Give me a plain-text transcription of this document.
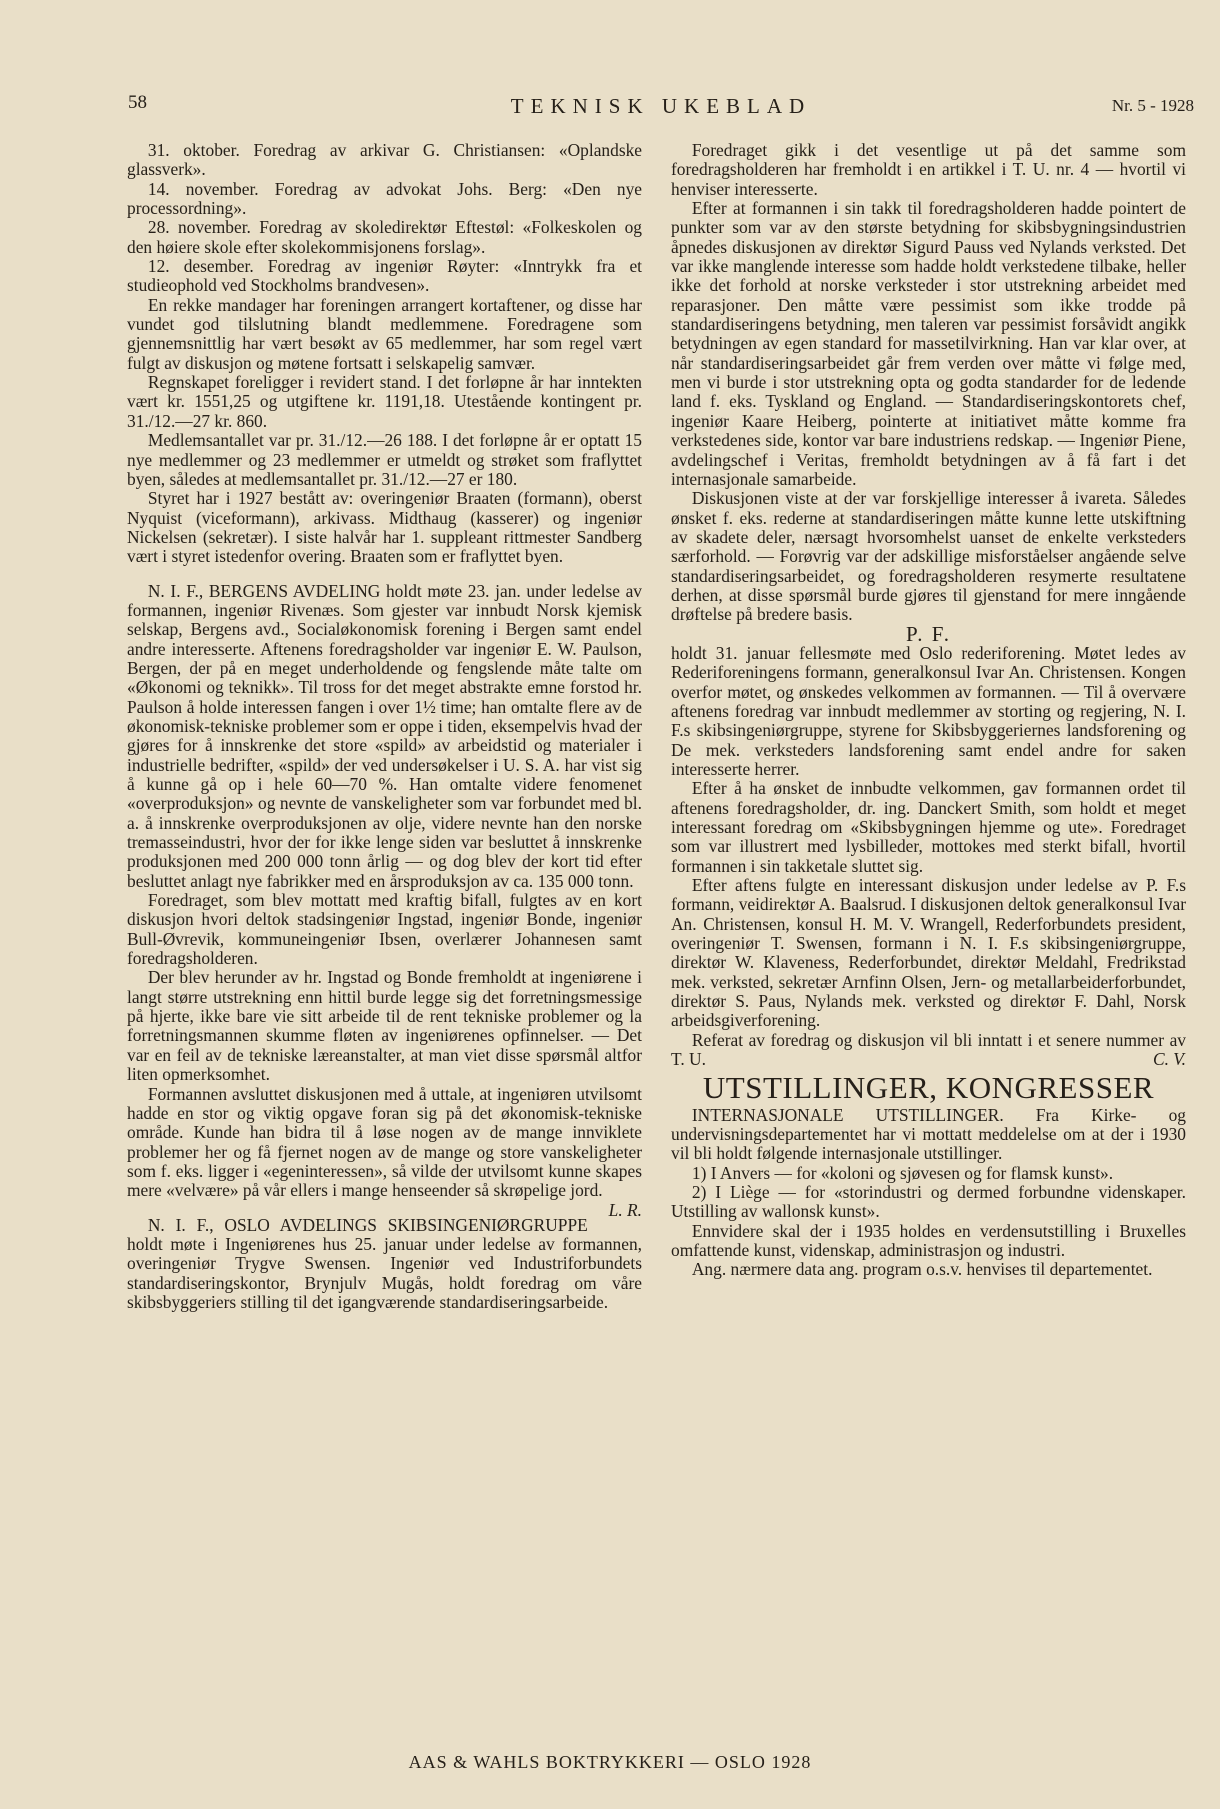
58	TEKNISK UKEBLAD	Nr. 5 - 1928

31. oktober. Foredrag av arkivar G. Christiansen: «Oplandske glassverk».

14. november. Foredrag av advokat Johs. Berg: «Den nye processordning».

28. november. Foredrag av skoledirektør Eftestøl: «Folkeskolen og den høiere skole efter skolekommisjonens forslag».

12. desember. Foredrag av ingeniør Røyter: «Inntrykk fra et studieophold ved Stockholms brandvesen».

En rekke mandager har foreningen arrangert kortaftener, og disse har vundet god tilslutning blandt medlemmene. Foredragene som gjennemsnittlig har vært besøkt av 65 medlemmer, har som regel vært fulgt av diskusjon og møtene fortsatt i selskapelig samvær.

Regnskapet foreligger i revidert stand. I det forløpne år har inntekten vært kr. 1551,25 og utgiftene kr. 1191,18. Utestående kontingent pr. 31./12.—27 kr. 860.

Medlemsantallet var pr. 31./12.—26 188. I det forløpne år er optatt 15 nye medlemmer og 23 medlemmer er utmeldt og strøket som fraflyttet byen, således at medlemsantallet pr. 31./12.—27 er 180.

Styret har i 1927 bestått av: overingeniør Braaten (formann), oberst Nyquist (viceformann), arkivass. Midthaug (kasserer) og ingeniør Nickelsen (sekretær). I siste halvår har 1. suppleant rittmester Sandberg vært i styret istedenfor overing. Braaten som er fraflyttet byen.

N. I. F., BERGENS AVDELING holdt møte 23. jan. under ledelse av formannen, ingeniør Rivenæs. Som gjester var innbudt Norsk kjemisk selskap, Bergens avd., Socialøkonomisk forening i Bergen samt endel andre interesserte. Aftenens foredragsholder var ingeniør E. W. Paulson, Bergen, der på en meget underholdende og fengslende måte talte om «Økonomi og teknikk». Til tross for det meget abstrakte emne forstod hr. Paulson å holde interessen fangen i over 1½ time; han omtalte flere av de økonomisk-tekniske problemer som er oppe i tiden, eksempelvis hvad der gjøres for å innskrenke det store «spild» av arbeidstid og materialer i industrielle bedrifter, «spild» der ved undersøkelser i U. S. A. har vist sig å kunne gå op i hele 60—70 %. Han omtalte videre fenomenet «overproduksjon» og nevnte de vanskeligheter som var forbundet med bl. a. å innskrenke overproduksjonen av olje, videre nevnte han den norske tremasseindustri, hvor der for ikke lenge siden var besluttet å innskrenke produksjonen med 200 000 tonn årlig — og dog blev der kort tid efter besluttet anlagt nye fabrikker med en årsproduksjon av ca. 135 000 tonn.

Foredraget, som blev mottatt med kraftig bifall, fulgtes av en kort diskusjon hvori deltok stadsingeniør Ingstad, ingeniør Bonde, ingeniør Bull-Øvrevik, kommuneingeniør Ibsen, overlærer Johannesen samt foredragsholderen.

Der blev herunder av hr. Ingstad og Bonde fremholdt at ingeniørene i langt større utstrekning enn hittil burde legge sig det forretningsmessige på hjerte, ikke bare vie sitt arbeide til de rent tekniske problemer og la forretningsmannen skumme fløten av ingeniørenes opfinnelser. — Det var en feil av de tekniske læreanstalter, at man viet disse spørsmål altfor liten opmerksomhet.

Formannen avsluttet diskusjonen med å uttale, at ingeniøren utvilsomt hadde en stor og viktig opgave foran sig på det økonomisk-tekniske område. Kunde han bidra til å løse nogen av de mange innviklete problemer her og få fjernet nogen av de mange og store vanskeligheter som f. eks. ligger i «egeninteressen», så vilde der utvilsomt kunne skapes mere «velvære» på vår ellers i mange henseender så skrøpelige jord.
L. R.

N. I. F., OSLO AVDELINGS SKIBSINGENIØRGRUPPE holdt møte i Ingeniørenes hus 25. januar under ledelse av formannen, overingeniør Trygve Swensen. Ingeniør ved Industriforbundets standardiseringskontor, Brynjulv Mugås, holdt foredrag om våre skibsbyggeriers stilling til det igangværende standardiseringsarbeide.

Foredraget gikk i det vesentlige ut på det samme som foredragsholderen har fremholdt i en artikkel i T. U. nr. 4 — hvortil vi henviser interesserte.

Efter at formannen i sin takk til foredragsholderen hadde pointert de punkter som var av den største betydning for skibsbygningsindustrien åpnedes diskusjonen av direktør Sigurd Pauss ved Nylands verksted. Det var ikke manglende interesse som hadde holdt verkstedene tilbake, heller ikke det forhold at norske verksteder i stor utstrekning arbeidet med reparasjoner. Den måtte være pessimist som ikke trodde på standardiseringens betydning, men taleren var pessimist forsåvidt angikk betydningen av egen standard for massetilvirkning. Han var klar over, at når standardiseringsarbeidet går frem verden over måtte vi følge med, men vi burde i stor utstrekning opta og godta standarder for de ledende land f. eks. Tyskland og England. — Standardiseringskontorets chef, ingeniør Kaare Heiberg, pointerte at initiativet måtte komme fra verkstedenes side, kontor var bare industriens redskap. — Ingeniør Piene, avdelingschef i Veritas, fremholdt betydningen av å få fart i det internasjonale samarbeide.

Diskusjonen viste at der var forskjellige interesser å ivareta. Således ønsket f. eks. rederne at standardiseringen måtte kunne lette utskiftning av skadete deler, nærsagt hvorsomhelst uanset de enkelte verksteders særforhold. — Forøvrig var der adskillige misforståelser angående selve standardiseringsarbeidet, og foredragsholderen resymerte resultatene derhen, at disse spørsmål burde gjøres til gjenstand for mere inngående drøftelse på bredere basis.

P. F.

holdt 31. januar fellesmøte med Oslo rederiforening. Møtet ledes av Rederiforeningens formann, generalkonsul Ivar An. Christensen. Kongen overfor møtet, og ønskedes velkommen av formannen. — Til å overvære aftenens foredrag var innbudt medlemmer av storting og regjering, N. I. F.s skibsingeniørgruppe, styrene for Skibsbyggeriernes landsforening og De mek. verksteders landsforening samt endel andre for saken interesserte herrer.

Efter å ha ønsket de innbudte velkommen, gav formannen ordet til aftenens foredragsholder, dr. ing. Danckert Smith, som holdt et meget interessant foredrag om «Skibsbygningen hjemme og ute». Foredraget som var illustrert med lysbilleder, mottokes med sterkt bifall, hvortil formannen i sin takketale sluttet sig.

Efter aftens fulgte en interessant diskusjon under ledelse av P. F.s formann, veidirektør A. Baalsrud. I diskusjonen deltok generalkonsul Ivar An. Christensen, konsul H. M. V. Wrangell, Rederforbundets president, overingeniør T. Swensen, formann i N. I. F.s skibsingeniørgruppe, direktør W. Klaveness, Rederforbundet, direktør Meldahl, Fredrikstad mek. verksted, sekretær Arnfinn Olsen, Jern- og metallarbeiderforbundet, direktør S. Paus, Nylands mek. verksted og direktør F. Dahl, Norsk arbeidsgiverforening.

Referat av foredrag og diskusjon vil bli inntatt i et senere nummer av T. U.	C. V.

UTSTILLINGER, KONGRESSER

INTERNASJONALE UTSTILLINGER. Fra Kirke- og undervisningsdepartementet har vi mottatt meddelelse om at der i 1930 vil bli holdt følgende internasjonale utstillinger.

1) I Anvers — for «koloni og sjøvesen og for flamsk kunst».

2) I Liège — for «storindustri og dermed forbundne videnskaper. Utstilling av wallonsk kunst».

Ennvidere skal der i 1935 holdes en verdensutstilling i Bruxelles omfattende kunst, videnskap, administrasjon og industri.

Ang. nærmere data ang. program o.s.v. henvises til departementet.

AAS & WAHLS BOKTRYKKERI — OSLO 1928
